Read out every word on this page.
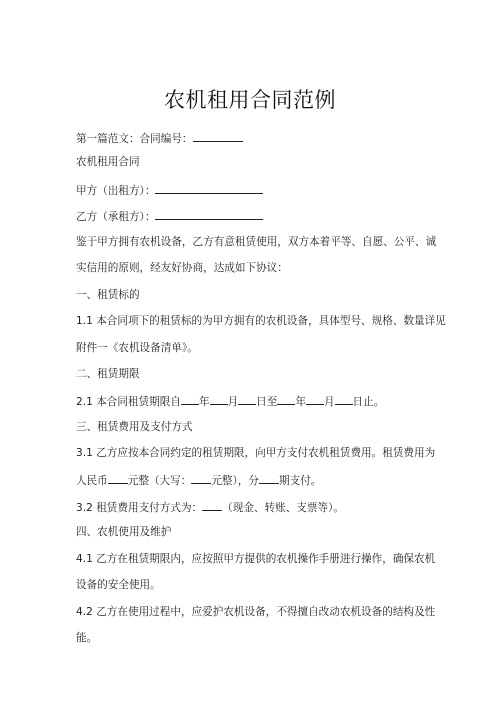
农机租用合同范例
第一篇范文：合同编号：
农机租用合同
甲方（出租方）：
乙方（承租方）：
鉴于甲方拥有农机设备，乙方有意租赁使用，双方本着平等、自愿、公平、诚
实信用的原则，经友好协商，达成如下协议：
一、租赁标的
1.1 本合同项下的租赁标的为甲方拥有的农机设备，具体型号、规格、数量详见
附件一《农机设备清单》。
二、租赁期限
2.1 本合同租赁期限自 年 月 日至 年 月 日止。
三、租赁费用及支付方式
3.1 乙方应按本合同约定的租赁期限，向甲方支付农机租赁费用。租赁费用为
人民币 元整（大写： 元整），分 期支付。
3.2 租赁费用支付方式为： （现金、转账、支票等）。
四、农机使用及维护
4.1 乙方在租赁期限内，应按照甲方提供的农机操作手册进行操作，确保农机
设备的安全使用。
4.2 乙方在使用过程中，应爱护农机设备，不得擅自改动农机设备的结构及性
能。
